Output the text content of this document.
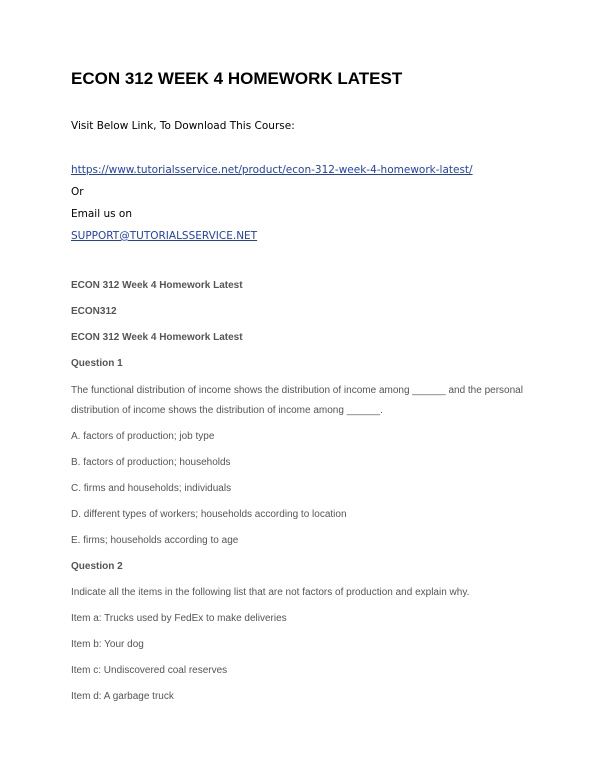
ECON 312 WEEK 4 HOMEWORK LATEST
Visit Below Link, To Download This Course:
https://www.tutorialsservice.net/product/econ-312-week-4-homework-latest/
Or
Email us on
SUPPORT@TUTORIALSSERVICE.NET
ECON 312 Week 4 Homework Latest
ECON312
ECON 312 Week 4 Homework Latest
Question 1
The functional distribution of income shows the distribution of income among ______ and the personal
distribution of income shows the distribution of income among ______.
A. factors of production; job type
B. factors of production; households
C. firms and households; individuals
D. different types of workers; households according to location
E. firms; households according to age
Question 2
Indicate all the items in the following list that are not factors of production and explain why.
Item a: Trucks used by FedEx to make deliveries
Item b: Your dog
Item c: Undiscovered coal reserves
Item d: A garbage truck
